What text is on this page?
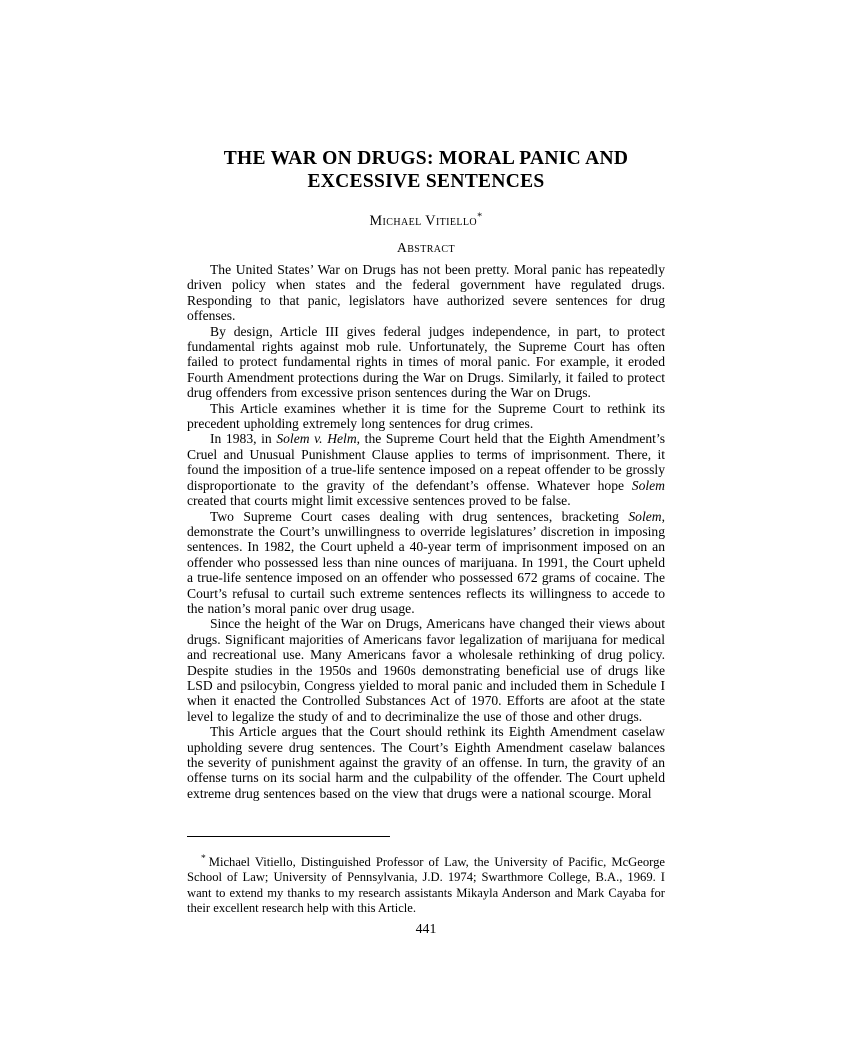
THE WAR ON DRUGS: MORAL PANIC AND
EXCESSIVE SENTENCES
Michael Vitiello*
Abstract

The United States’ War on Drugs has not been pretty. Moral panic has repeatedly driven policy when states and the federal government have regulated drugs. Responding to that panic, legislators have authorized severe sentences for drug offenses.

By design, Article III gives federal judges independence, in part, to protect fundamental rights against mob rule. Unfortunately, the Supreme Court has often failed to protect fundamental rights in times of moral panic. For example, it eroded Fourth Amendment protections during the War on Drugs. Similarly, it failed to protect drug offenders from excessive prison sentences during the War on Drugs.

This Article examines whether it is time for the Supreme Court to rethink its precedent upholding extremely long sentences for drug crimes.

In 1983, in Solem v. Helm, the Supreme Court held that the Eighth Amendment’s Cruel and Unusual Punishment Clause applies to terms of imprisonment. There, it found the imposition of a true-life sentence imposed on a repeat offender to be grossly disproportionate to the gravity of the defendant’s offense. Whatever hope Solem created that courts might limit excessive sentences proved to be false.

Two Supreme Court cases dealing with drug sentences, bracketing Solem, demonstrate the Court’s unwillingness to override legislatures’ discretion in imposing sentences. In 1982, the Court upheld a 40-year term of imprisonment imposed on an offender who possessed less than nine ounces of marijuana. In 1991, the Court upheld a true-life sentence imposed on an offender who possessed 672 grams of cocaine. The Court’s refusal to curtail such extreme sentences reflects its willingness to accede to the nation’s moral panic over drug usage.

Since the height of the War on Drugs, Americans have changed their views about drugs. Significant majorities of Americans favor legalization of marijuana for medical and recreational use. Many Americans favor a wholesale rethinking of drug policy. Despite studies in the 1950s and 1960s demonstrating beneficial use of drugs like LSD and psilocybin, Congress yielded to moral panic and included them in Schedule I when it enacted the Controlled Substances Act of 1970. Efforts are afoot at the state level to legalize the study of and to decriminalize the use of those and other drugs.

This Article argues that the Court should rethink its Eighth Amendment caselaw upholding severe drug sentences. The Court’s Eighth Amendment caselaw balances the severity of punishment against the gravity of an offense. In turn, the gravity of an offense turns on its social harm and the culpability of the offender. The Court upheld extreme drug sentences based on the view that drugs were a national scourge. Moral

* Michael Vitiello, Distinguished Professor of Law, the University of Pacific, McGeorge School of Law; University of Pennsylvania, J.D. 1974; Swarthmore College, B.A., 1969. I want to extend my thanks to my research assistants Mikayla Anderson and Mark Cayaba for their excellent research help with this Article.

441
